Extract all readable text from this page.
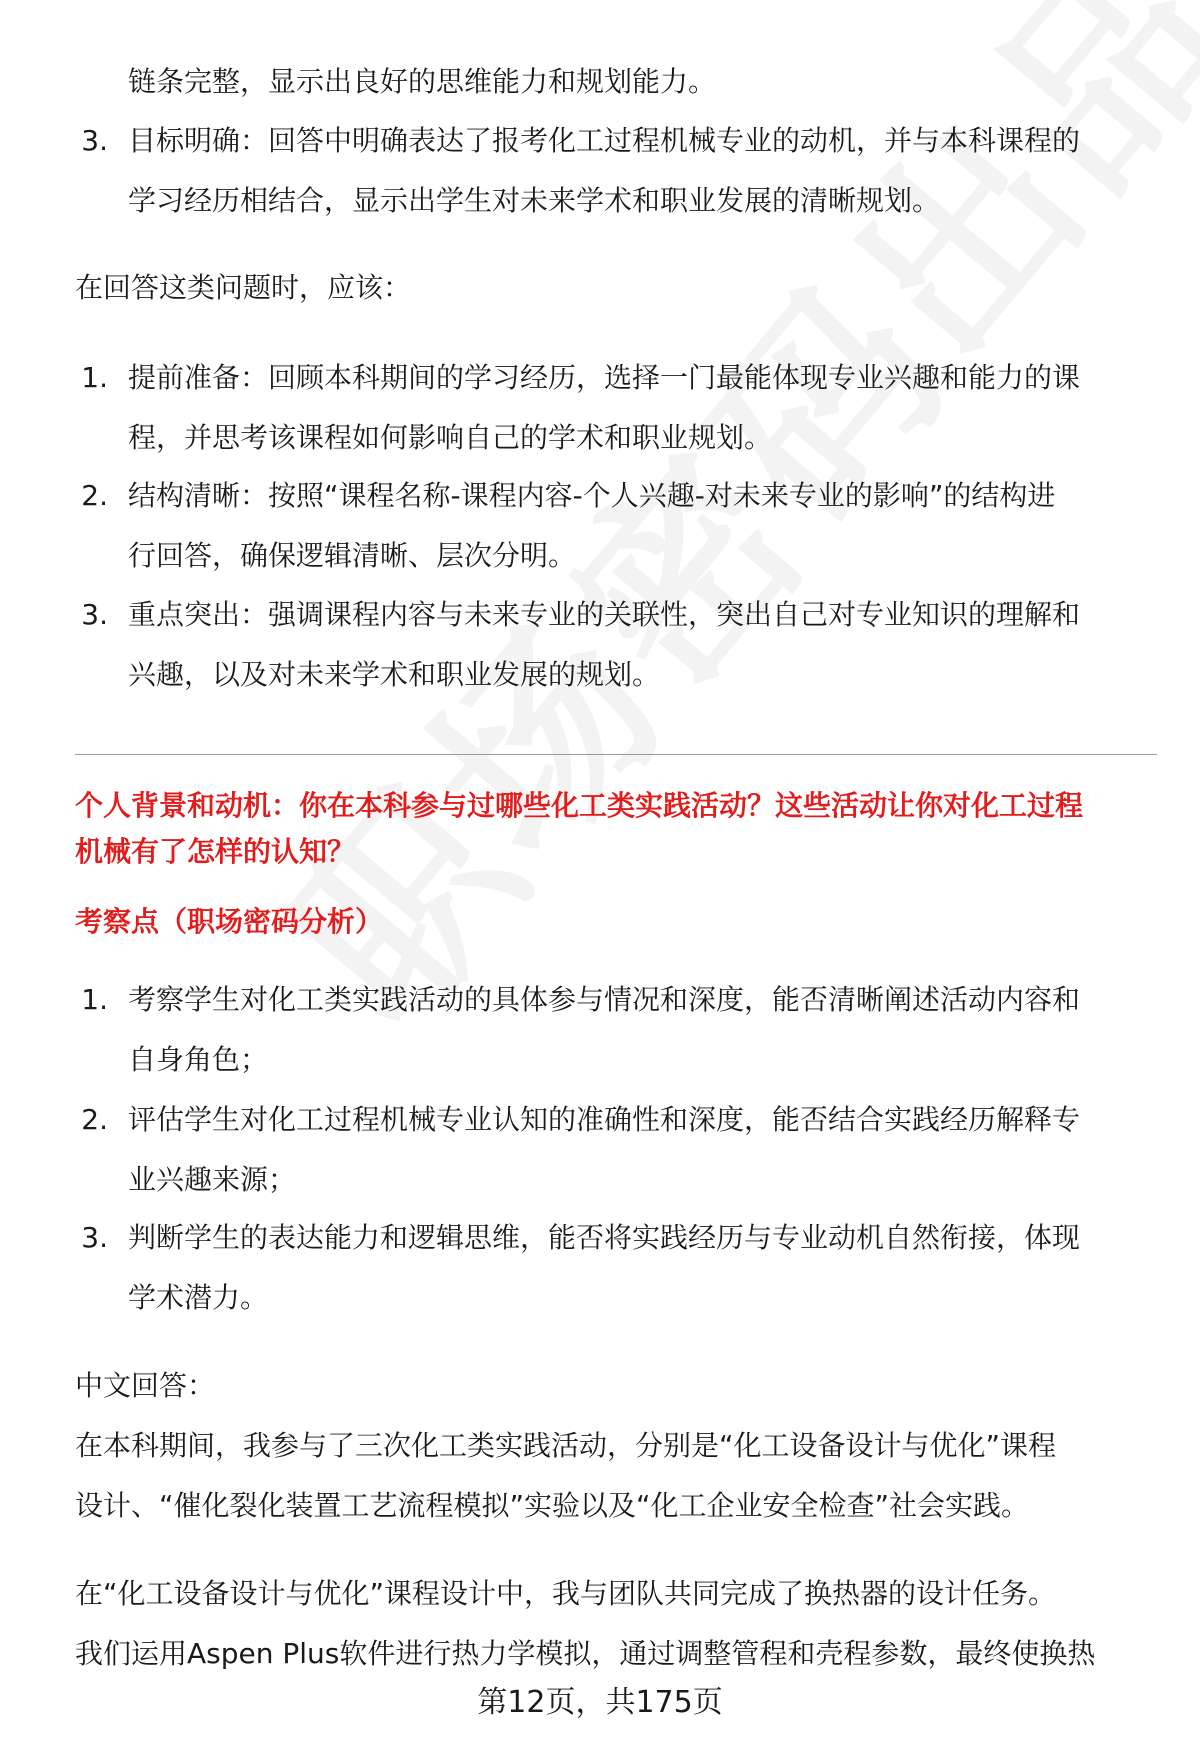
链条完整，显示出良好的思维能力和规划能力。
3. 目标明确：回答中明确表达了报考化工过程机械专业的动机，并与本科课程的
学习经历相结合，显示出学生对未来学术和职业发展的清晰规划。
在回答这类问题时，应该：
1. 提前准备：回顾本科期间的学习经历，选择一门最能体现专业兴趣和能力的课
程，并思考该课程如何影响自己的学术和职业规划。
2. 结构清晰：按照“课程名称-课程内容-个人兴趣-对未来专业的影响”的结构进
行回答，确保逻辑清晰、层次分明。
3. 重点突出：强调课程内容与未来专业的关联性，突出自己对专业知识的理解和
兴趣，以及对未来学术和职业发展的规划。
个人背景和动机：你在本科参与过哪些化工类实践活动？这些活动让你对化工过程
机械有了怎样的认知？
考察点（职场密码分析）
1. 考察学生对化工类实践活动的具体参与情况和深度，能否清晰阐述活动内容和
自身角色；
2. 评估学生对化工过程机械专业认知的准确性和深度，能否结合实践经历解释专
业兴趣来源；
3. 判断学生的表达能力和逻辑思维，能否将实践经历与专业动机自然衔接，体现
学术潜力。
中文回答：
在本科期间，我参与了三次化工类实践活动，分别是“化工设备设计与优化”课程
设计、“催化裂化装置工艺流程模拟”实验以及“化工企业安全检查”社会实践。
在“化工设备设计与优化”课程设计中，我与团队共同完成了换热器的设计任务。
我们运用Aspen Plus软件进行热力学模拟，通过调整管程和壳程参数，最终使换热
第12页，共175页
